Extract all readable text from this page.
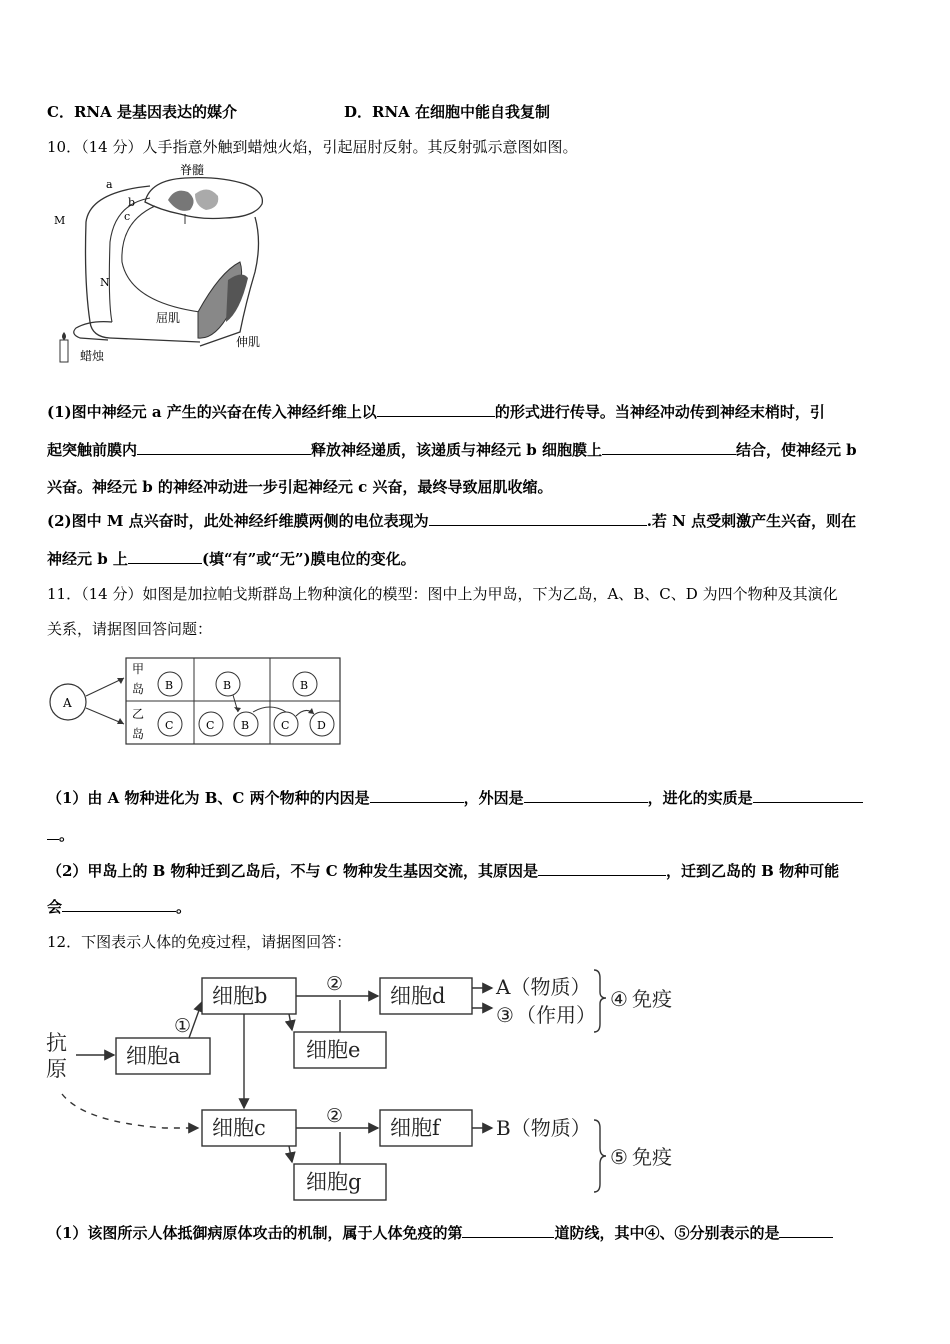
C．RNA 是基因表达的媒介	D．RNA 在细胞中能自我复制
10．（14 分）人手指意外触到蜡烛火焰，引起屈肘反射。其反射弧示意图如图。
脊髓
a
b
c
M
N
屈肌
伸肌
蜡烛
(1)图中神经元 a 产生的兴奋在传入神经纤维上以	的形式进行传导。当神经冲动传到神经末梢时，引
起突触前膜内	释放神经递质，该递质与神经元 b 细胞膜上	结合，使神经元 b
兴奋。神经元 b 的神经冲动进一步引起神经元 c 兴奋，最终导致屈肌收缩。
(2)图中 M 点兴奋时，此处神经纤维膜两侧的电位表现为	.若 N 点受刺激产生兴奋，则在
神经元 b 上	(填“有”或“无”)膜电位的变化。
11．（14 分）如图是加拉帕戈斯群岛上物种演化的模型：图中上为甲岛，下为乙岛，A、B、C、D 为四个物种及其演化
关系，请据图回答问题：
A
甲
岛
乙
岛
B
C
B
C B
B
C	D
（1）由 A 物种进化为 B、C 两个物种的内因是	，外因是	，进化的实质是
。
（2）甲岛上的 B 物种迁到乙岛后，不与 C 物种发生基因交流，其原因是	，迁到乙岛的 B 物种可能
会	。
12．下图表示人体的免疫过程，请据图回答：
抗
原
细胞a
①
细胞b	②
细胞e
细胞d	A（物质）
③ （作用）
④ 免疫
细胞c	②
细胞g
细胞f	B（物质）
⑤ 免疫
（1）该图所示人体抵御病原体攻击的机制，属于人体免疫的第	道防线，其中④、⑤分别表示的是
